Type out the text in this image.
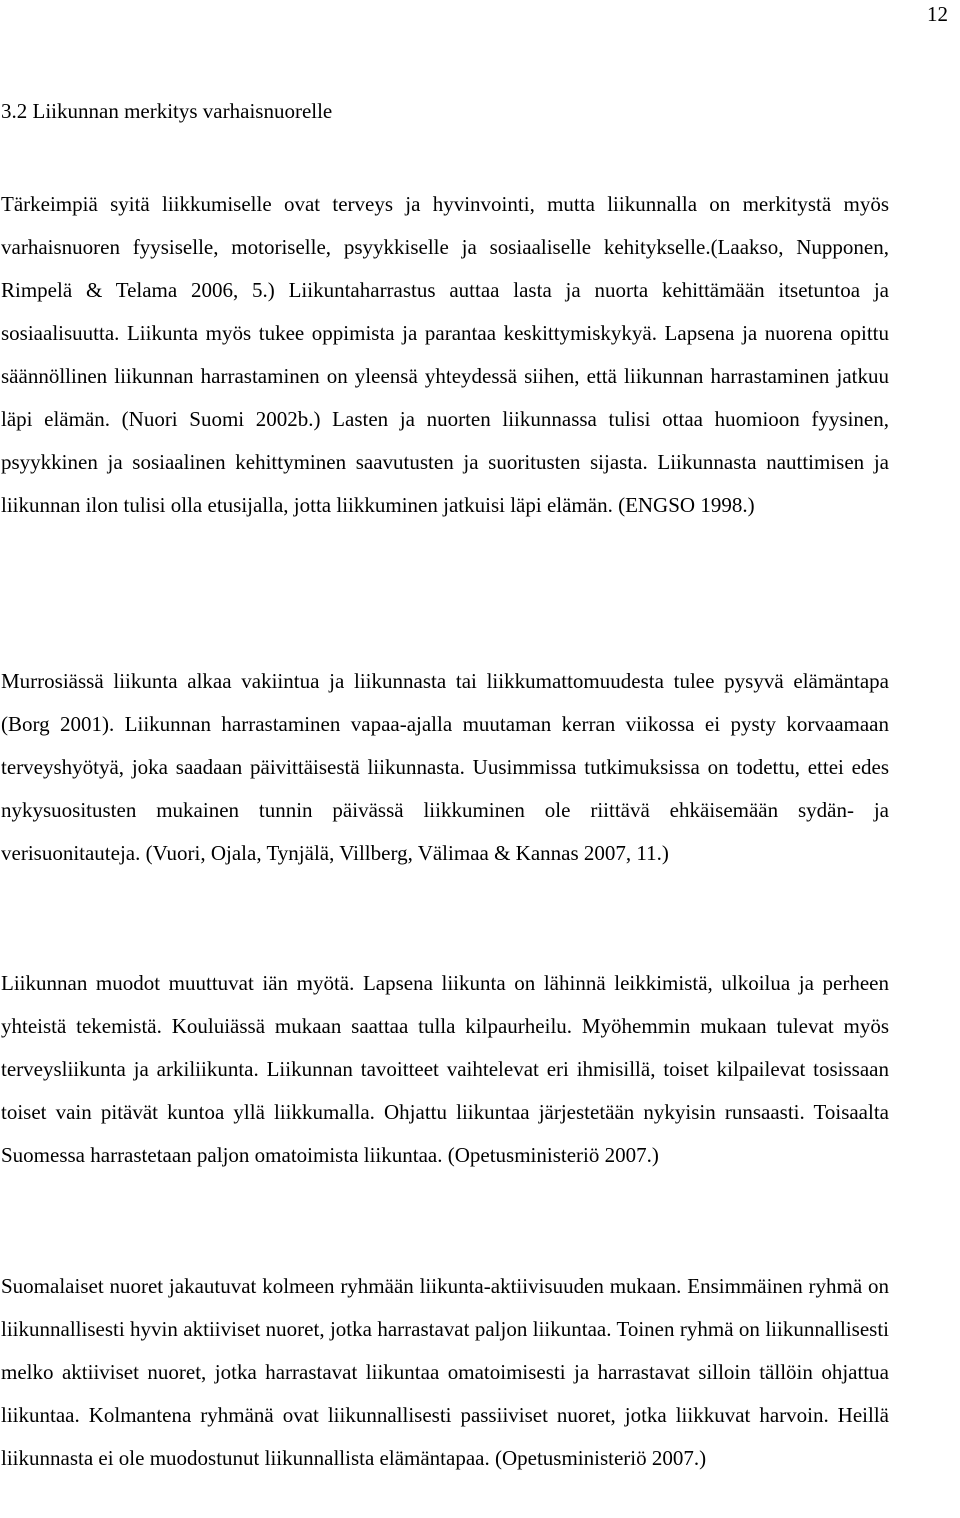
12
3.2 Liikunnan merkitys varhaisnuorelle

Tärkeimpiä syitä liikkumiselle ovat terveys ja hyvinvointi, mutta liikunnalla on merkitystä myös varhaisnuoren fyysiselle, motoriselle, psyykkiselle ja sosiaaliselle kehitykselle.(Laakso, Nupponen, Rimpelä & Telama 2006, 5.) Liikuntaharrastus auttaa lasta ja nuorta kehittämään itsetuntoa ja sosiaalisuutta. Liikunta myös tukee oppimista ja parantaa keskittymiskykyä. Lapsena ja nuorena opittu säännöllinen liikunnan harrastaminen on yleensä yhteydessä siihen, että liikunnan harrastaminen jatkuu läpi elämän. (Nuori Suomi 2002b.) Lasten ja nuorten liikunnassa tulisi ottaa huomioon fyysinen, psyykkinen ja sosiaalinen kehittyminen saavutusten ja suoritusten sijasta. Liikunnasta nauttimisen ja liikunnan ilon tulisi olla etusijalla, jotta liikkuminen jatkuisi läpi elämän. (ENGSO 1998.)

Murrosiässä liikunta alkaa vakiintua ja liikunnasta tai liikkumattomuudesta tulee pysyvä elämäntapa (Borg 2001). Liikunnan harrastaminen vapaa-ajalla muutaman kerran viikossa ei pysty korvaamaan terveyshyötyä, joka saadaan päivittäisestä liikunnasta. Uusimmissa tutkimuksissa on todettu, ettei edes nykysuositusten mukainen tunnin päivässä liikkuminen ole riittävä ehkäisemään sydän- ja verisuonitauteja. (Vuori, Ojala, Tynjälä, Villberg, Välimaa & Kannas 2007, 11.)

Liikunnan muodot muuttuvat iän myötä. Lapsena liikunta on lähinnä leikkimistä, ulkoilua ja perheen yhteistä tekemistä. Kouluiässä mukaan saattaa tulla kilpaurheilu. Myöhemmin mukaan tulevat myös terveysliikunta ja arkiliikunta. Liikunnan tavoitteet vaihtelevat eri ihmisillä, toiset kilpailevat tosissaan toiset vain pitävät kuntoa yllä liikkumalla. Ohjattu liikuntaa järjestetään nykyisin runsaasti. Toisaalta Suomessa harrastetaan paljon omatoimista liikuntaa. (Opetusministeriö 2007.)

Suomalaiset nuoret jakautuvat kolmeen ryhmään liikunta-aktiivisuuden mukaan. Ensimmäinen ryhmä on liikunnallisesti hyvin aktiiviset nuoret, jotka harrastavat paljon liikuntaa. Toinen ryhmä on liikunnallisesti melko aktiiviset nuoret, jotka harrastavat liikuntaa omatoimisesti ja harrastavat silloin tällöin ohjattua liikuntaa. Kolmantena ryhmänä ovat liikunnallisesti passiiviset nuoret, jotka liikkuvat harvoin. Heillä liikunnasta ei ole muodostunut liikunnallista elämäntapaa. (Opetusministeriö 2007.)
